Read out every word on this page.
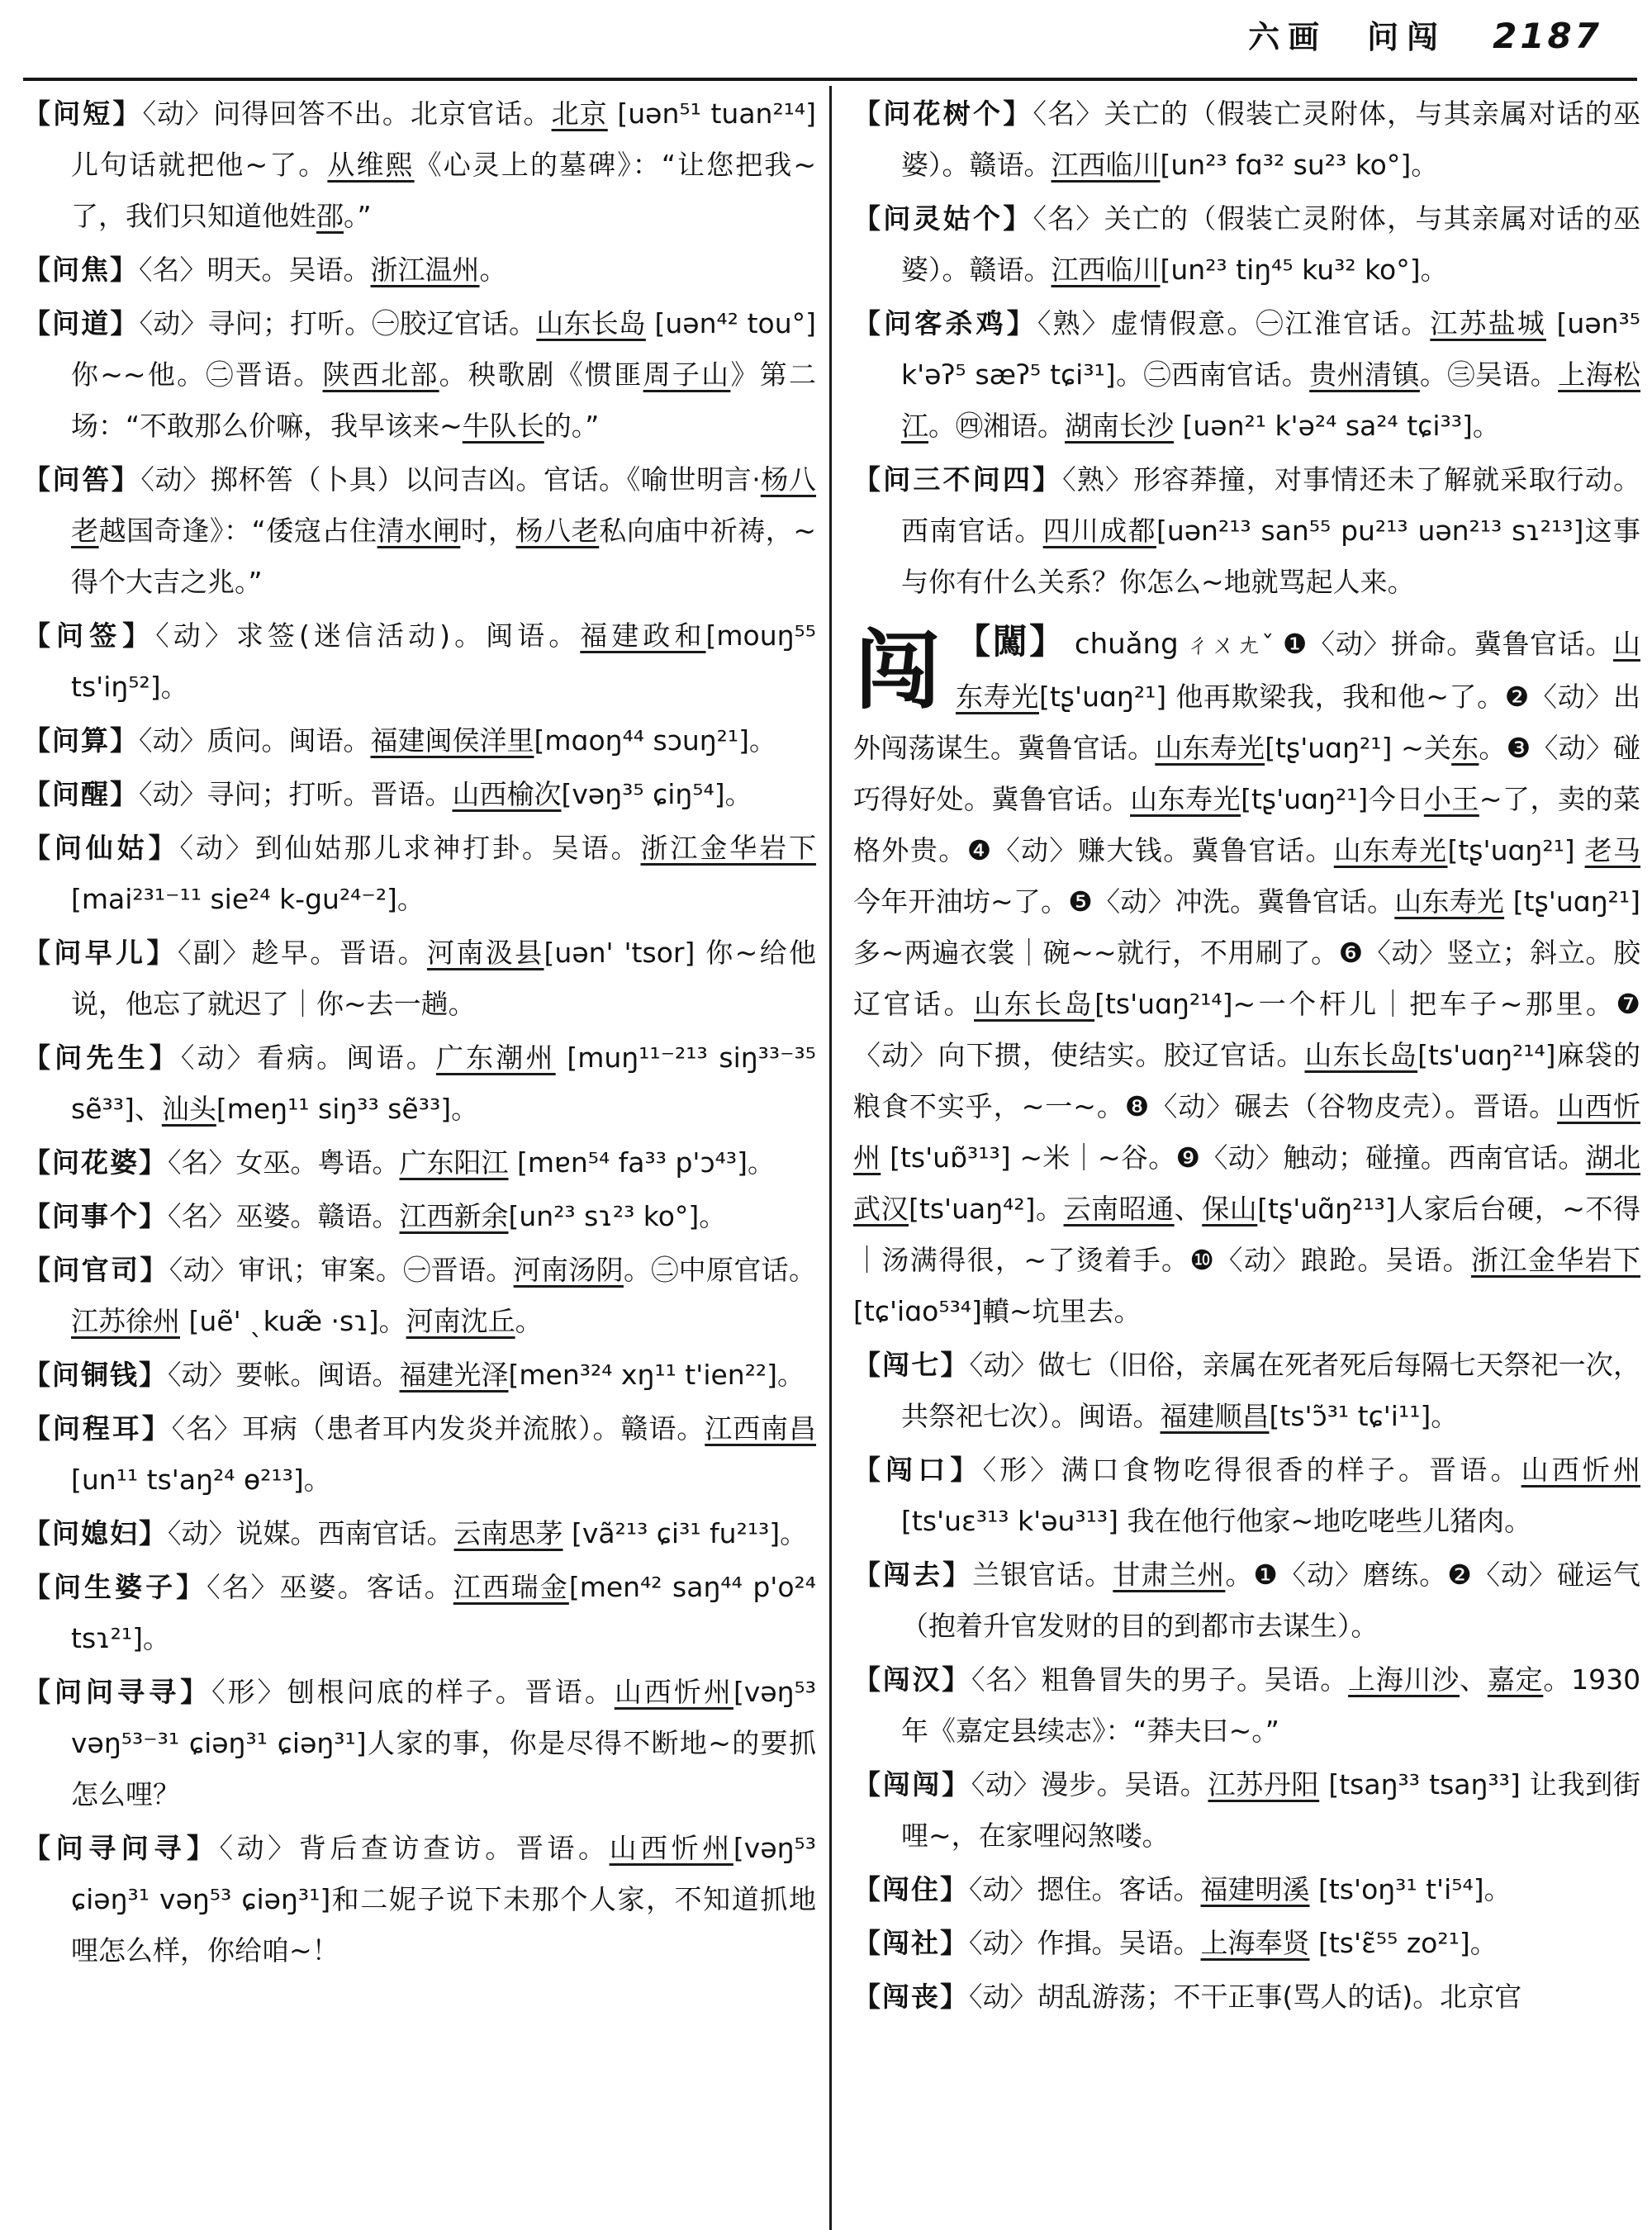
六画  问闯 2187
【问短】〈动〉问得回答不出。北京官话。北京 [uən⁵¹ tuan²¹⁴]儿句话就把他~了。从维熙《心灵上的墓碑》：“让您把我~了，我们只知道他姓邵。”
【问焦】〈名〉明天。吴语。浙江温州。
【问道】〈动〉寻问；打听。㊀胶辽官话。山东长岛 [uən⁴² tou°] 你~~他。㊁晋语。陕西北部。秧歌剧《惯匪周子山》第二场：“不敢那么价嘛，我早该来~牛队长的。”
【问筶】〈动〉掷杯筶（卜具）以问吉凶。官话。《喻世明言·杨八老越国奇逢》：“倭寇占住清水闸时，杨八老私向庙中祈祷，~得个大吉之兆。”
【问签】〈动〉求签(迷信活动)。闽语。福建政和[mouŋ⁵⁵ ts'iŋ⁵²]。
【问算】〈动〉质问。闽语。福建闽侯洋里[mɑoŋ⁴⁴ sɔuŋ²¹]。
【问醒】〈动〉寻问；打听。晋语。山西榆次[vəŋ³⁵ ɕiŋ⁵⁴]。
【问仙姑】〈动〉到仙姑那儿求神打卦。吴语。浙江金华岩下[mai²³¹⁻¹¹ sie²⁴ k-gu²⁴⁻²]。
【问早儿】〈副〉趁早。晋语。河南汲县[uən' 'tsor] 你~给他说，他忘了就迟了｜你~去一趟。
【问先生】〈动〉看病。闽语。广东潮州 [muŋ¹¹⁻²¹³ siŋ³³⁻³⁵ sẽ³³]、汕头[meŋ¹¹ siŋ³³ sẽ³³]。
【问花婆】〈名〉女巫。粤语。广东阳江 [mɐn⁵⁴ fa³³ p'ɔ⁴³]。
【问事个】〈名〉巫婆。赣语。江西新余[un²³ sɿ²³ ko°]。
【问官司】〈动〉审讯；审案。㊀晋语。河南汤阴。㊁中原官话。江苏徐州 [uẽ' ˎkuæ̃ ·sɿ]。河南沈丘。
【问铜钱】〈动〉要帐。闽语。福建光泽[men³²⁴ xŋ¹¹ t'ien²²]。
【问程耳】〈名〉耳病（患者耳内发炎并流脓）。赣语。江西南昌[un¹¹ ts'aŋ²⁴ ɵ²¹³]。
【问媳妇】〈动〉说媒。西南官话。云南思茅 [vã²¹³ ɕi³¹ fu²¹³]。
【问生婆子】〈名〉巫婆。客话。江西瑞金[men⁴² saŋ⁴⁴ p'o²⁴ tsɿ²¹]。
【问问寻寻】〈形〉刨根问底的样子。晋语。山西忻州[vəŋ⁵³ vəŋ⁵³⁻³¹ ɕiəŋ³¹ ɕiəŋ³¹]人家的事，你是尽得不断地~的要抓怎么哩？
【问寻问寻】〈动〉背后查访查访。晋语。山西忻州[vəŋ⁵³ ɕiəŋ³¹ vəŋ⁵³ ɕiəŋ³¹]和二妮子说下未那个人家，不知道抓地哩怎么样，你给咱~！
【问花树个】〈名〉关亡的（假装亡灵附体，与其亲属对话的巫婆）。赣语。江西临川[un²³ fɑ³² su²³ ko°]。
【问灵姑个】〈名〉关亡的（假装亡灵附体，与其亲属对话的巫婆）。赣语。江西临川[un²³ tiŋ⁴⁵ ku³² ko°]。
【问客杀鸡】〈熟〉虚情假意。㊀江淮官话。江苏盐城 [uən³⁵ k'əʔ⁵ sæʔ⁵ tɕi³¹]。㊁西南官话。贵州清镇。㊂吴语。上海松江。㊃湘语。湖南长沙 [uən²¹ k'ə²⁴ sa²⁴ tɕi³³]。
【问三不问四】〈熟〉形容莽撞，对事情还未了解就采取行动。西南官话。四川成都[uən²¹³ san⁵⁵ pu²¹³ uən²¹³ sɿ²¹³]这事与你有什么关系？你怎么~地就骂起人来。
闯 【闖】 chuǎng ㄔㄨㄤˇ ❶〈动〉拼命。冀鲁官话。山东寿光[tʂ'uɑŋ²¹] 他再欺梁我，我和他~了。❷〈动〉出外闯荡谋生。冀鲁官话。山东寿光[tʂ'uɑŋ²¹] ~关东。❸〈动〉碰巧得好处。冀鲁官话。山东寿光[tʂ'uɑŋ²¹]今日小王~了，卖的菜格外贵。❹〈动〉赚大钱。冀鲁官话。山东寿光[tʂ'uɑŋ²¹] 老马今年开油坊~了。❺〈动〉冲洗。冀鲁官话。山东寿光 [tʂ'uɑŋ²¹] 多~两遍衣裳｜碗~~就行，不用刷了。❻〈动〉竖立；斜立。胶辽官话。山东长岛[ts'uɑŋ²¹⁴]~一个杆儿｜把车子~那里。❼〈动〉向下掼，使结实。胶辽官话。山东长岛[ts'uɑŋ²¹⁴]麻袋的粮食不实乎，~一~。❽〈动〉碾去（谷物皮壳）。晋语。山西忻州 [ts'uɒ̃³¹³] ~米｜~谷。❾〈动〉触动；碰撞。西南官话。湖北武汉[ts'uaŋ⁴²]。云南昭通、保山[tʂ'uɑ̃ŋ²¹³]人家后台硬，~不得｜汤满得很，~了烫着手。❿〈动〉踉跄。吴语。浙江金华岩下[tɕ'iɑo⁵³⁴]轒~坑里去。
【闯七】〈动〉做七（旧俗，亲属在死者死后每隔七天祭祀一次，共祭祀七次）。闽语。福建顺昌[ts'ɔ̃³¹ tɕ'i¹¹]。
【闯口】〈形〉满口食物吃得很香的样子。晋语。山西忻州 [ts'uɛ³¹³ k'əu³¹³] 我在他行他家~地吃咾些儿猪肉。
【闯去】兰银官话。甘肃兰州。❶〈动〉磨练。❷〈动〉碰运气（抱着升官发财的目的到都市去谋生）。
【闯汉】〈名〉粗鲁冒失的男子。吴语。上海川沙、嘉定。1930年《嘉定县续志》：“莽夫曰~。”
【闯闯】〈动〉漫步。吴语。江苏丹阳 [tsaŋ³³ tsaŋ³³] 让我到街哩~，在家哩闷煞喽。
【闯住】〈动〉摁住。客话。福建明溪 [ts'oŋ³¹ t'i⁵⁴]。
【闯社】〈动〉作揖。吴语。上海奉贤 [ts'ɛ̃⁵⁵ zo²¹]。
【闯丧】〈动〉胡乱游荡；不干正事(骂人的话)。北京官
